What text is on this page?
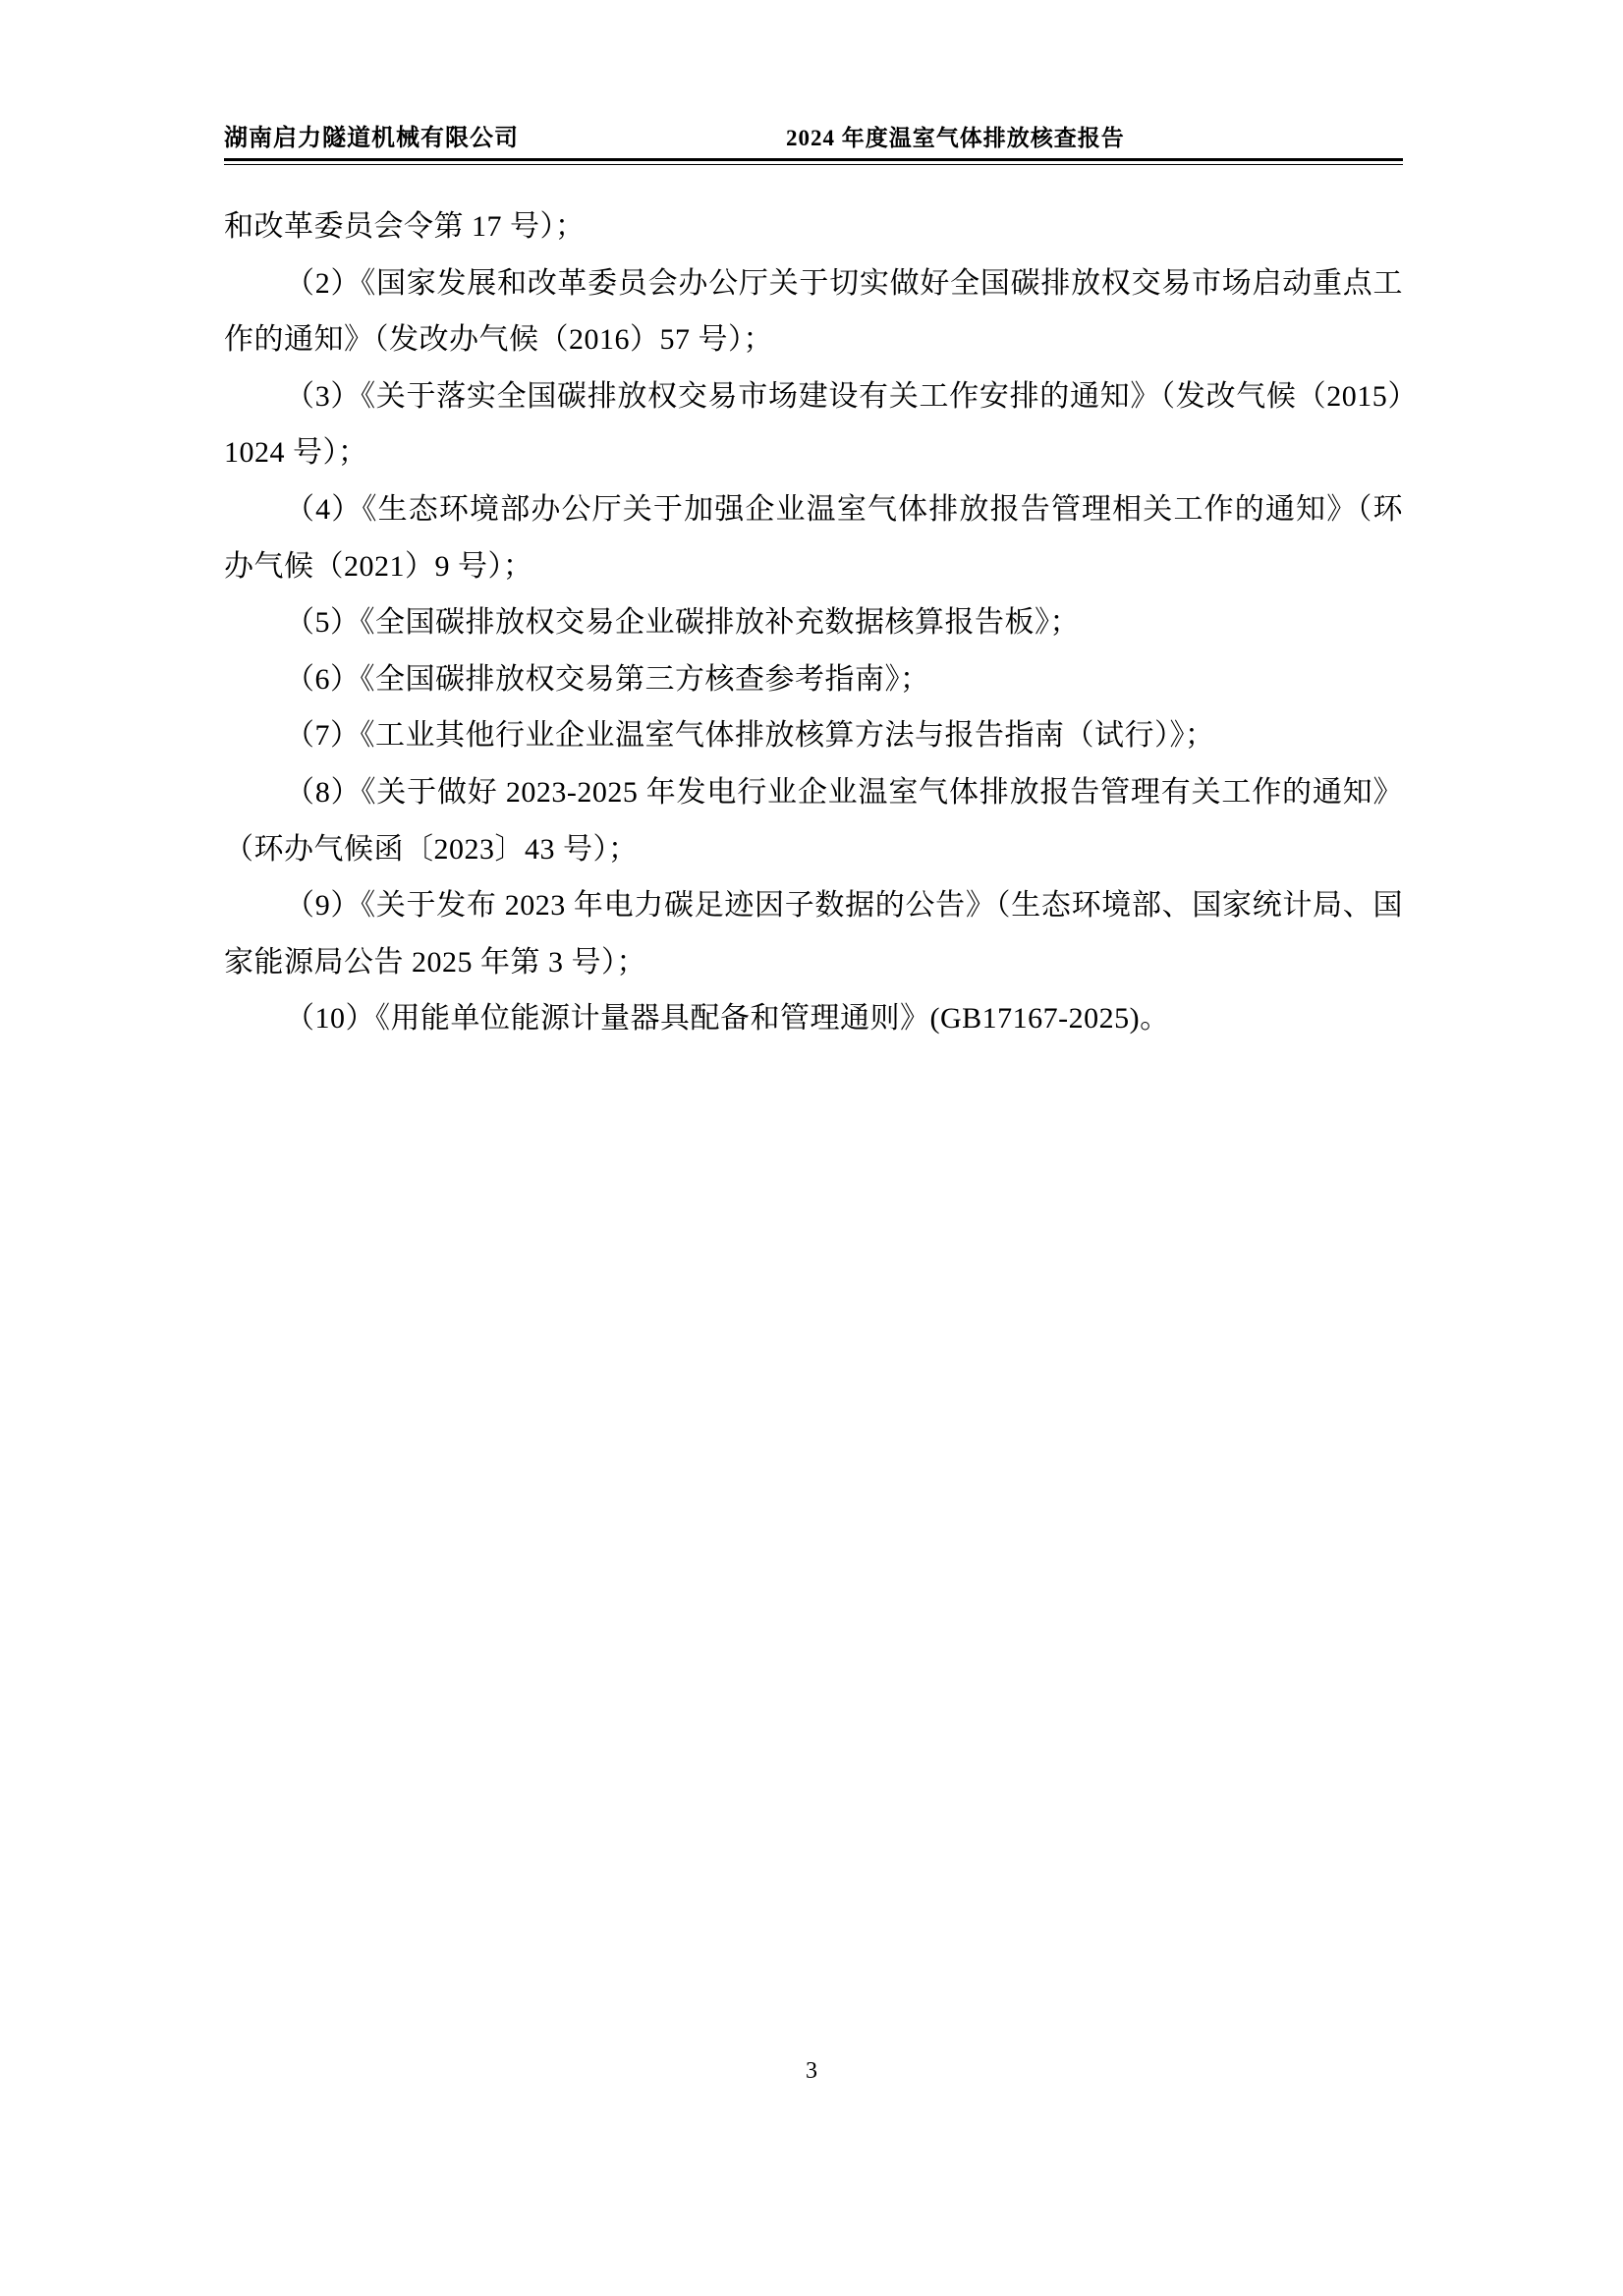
湖南启力隧道机械有限公司	2024 年度温室气体排放核查报告

和改革委员会令第 17 号）；

（2）《国家发展和改革委员会办公厅关于切实做好全国碳排放权交易市场启动重点工作的通知》（发改办气候（2016）57 号）；

（3）《关于落实全国碳排放权交易市场建设有关工作安排的通知》（发改气候（2015）1024 号）；

（4）《生态环境部办公厅关于加强企业温室气体排放报告管理相关工作的通知》（环办气候（2021）9 号）；

（5）《全国碳排放权交易企业碳排放补充数据核算报告板》；

（6）《全国碳排放权交易第三方核查参考指南》；

（7）《工业其他行业企业温室气体排放核算方法与报告指南（试行）》；

（8）《关于做好 2023-2025 年发电行业企业温室气体排放报告管理有关工作的通知》（环办气候函〔2023〕43 号）；

（9）《关于发布 2023 年电力碳足迹因子数据的公告》（生态环境部、国家统计局、国家能源局公告 2025 年第 3 号）；

（10）《用能单位能源计量器具配备和管理通则》(GB17167-2025)。

3
